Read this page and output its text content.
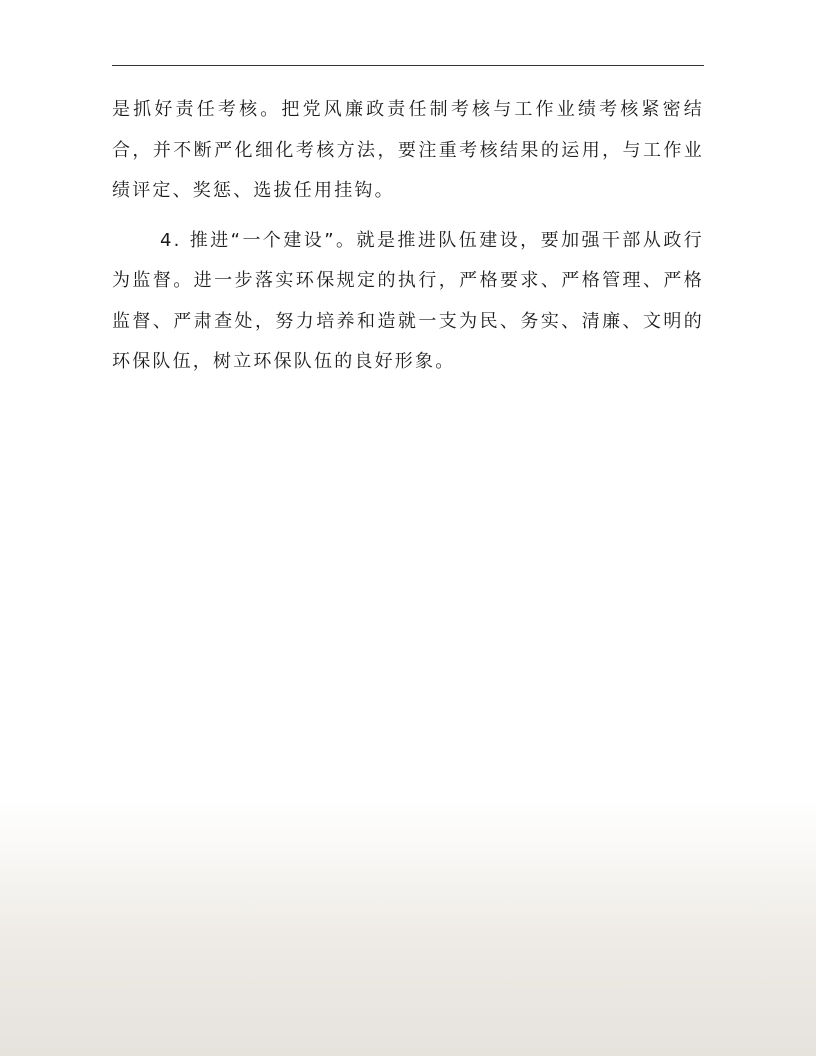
是抓好责任考核。把党风廉政责任制考核与工作业绩考核紧密结合，并不断严化细化考核方法，要注重考核结果的运用，与工作业绩评定、奖惩、选拔任用挂钩。

4. 推进“一个建设”。就是推进队伍建设，要加强干部从政行为监督。进一步落实环保规定的执行，严格要求、严格管理、严格监督、严肃查处，努力培养和造就一支为民、务实、清廉、文明的环保队伍，树立环保队伍的良好形象。
